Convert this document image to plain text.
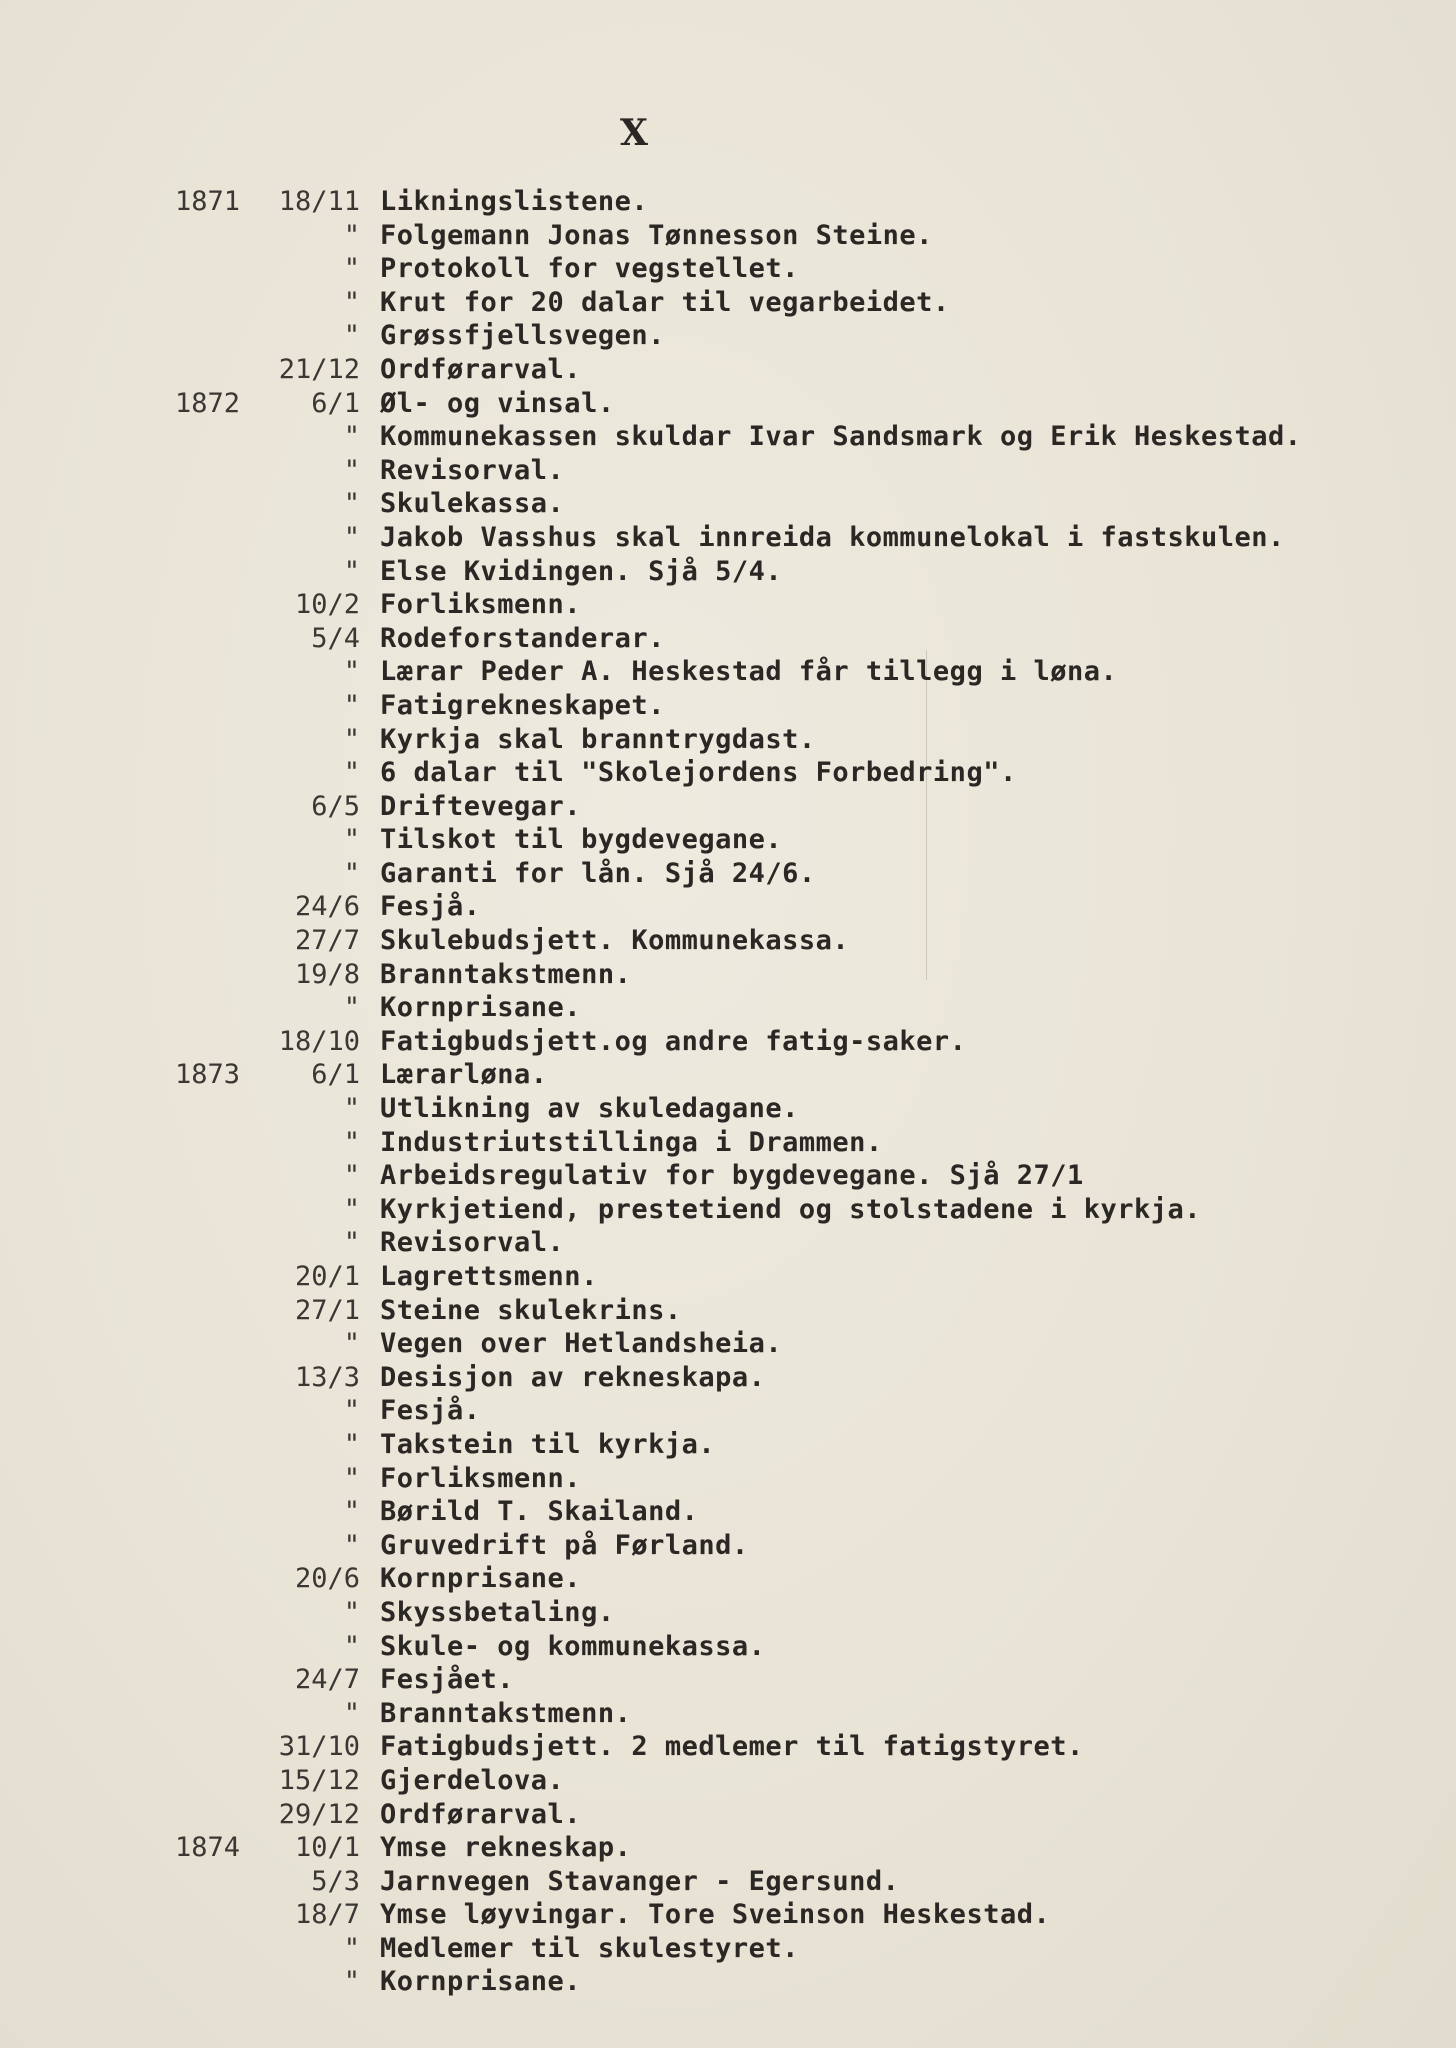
X
1871	18/11 Likningslistene.
" Folgemann Jonas Tønnesson Steine.
" Protokoll for vegstellet.
" Krut for 20 dalar til vegarbeidet.
" Grøssfjellsvegen.
21/12 Ordførarval.
1872	6/1 Øl- og vinsal.
" Kommunekassen skuldar Ivar Sandsmark og Erik Heskestad.
" Revisorval.
" Skulekassa.
" Jakob Vasshus skal innreida kommunelokal i fastskulen.
" Else Kvidingen. Sjå 5/4.
10/2 Forliksmenn.
5/4 Rodeforstanderar.
" Lærar Peder A. Heskestad får tillegg i løna.
" Fatigrekneskapet.
" Kyrkja skal branntrygdast.
" 6 dalar til "Skolejordens Forbedring".
6/5 Driftevegar.
" Tilskot til bygdevegane.
" Garanti for lån. Sjå 24/6.
24/6 Fesjå.
27/7 Skulebudsjett. Kommunekassa.
19/8 Branntakstmenn.
" Kornprisane.
18/10 Fatigbudsjett.og andre fatig-saker.
1873	6/1 Lærarløna.
" Utlikning av skuledagane.
" Industriutstillinga i Drammen.
" Arbeidsregulativ for bygdevegane. Sjå 27/1
" Kyrkjetiend, prestetiend og stolstadene i kyrkja.
" Revisorval.
20/1 Lagrettsmenn.
27/1 Steine skulekrins.
" Vegen over Hetlandsheia.
13/3 Desisjon av rekneskapa.
" Fesjå.
" Takstein til kyrkja.
" Forliksmenn.
" Børild T. Skailand.
" Gruvedrift på Førland.
20/6 Kornprisane.
" Skyssbetaling.
" Skule- og kommunekassa.
24/7 Fesjået.
" Branntakstmenn.
31/10 Fatigbudsjett. 2 medlemer til fatigstyret.
15/12 Gjerdelova.
29/12 Ordførarval.
1874	10/1 Ymse rekneskap.
5/3 Jarnvegen Stavanger - Egersund.
18/7 Ymse løyvingar. Tore Sveinson Heskestad.
" Medlemer til skulestyret.
" Kornprisane.
